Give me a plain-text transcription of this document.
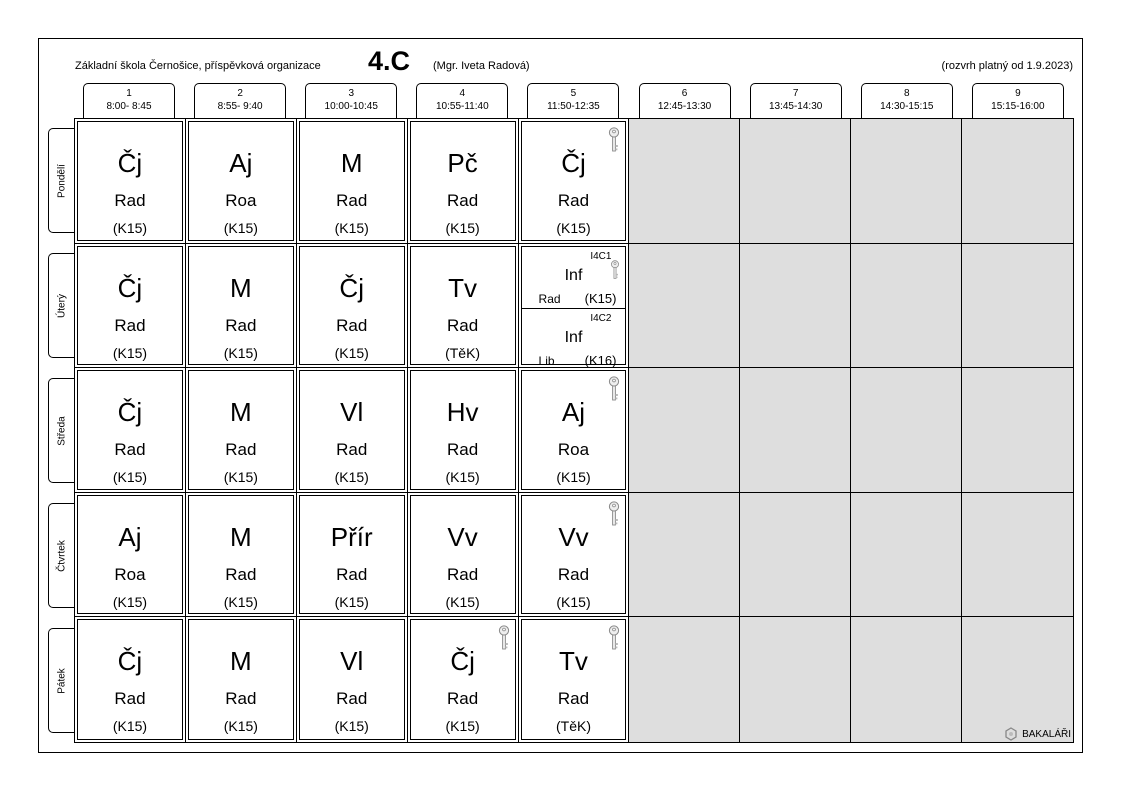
Základní škola Černošice, příspěvková organizace 4.C (Mgr. Iveta Radová)	(rozvrh platný od 1.9.2023)
1
8:00- 8:45
2
8:55- 9:40
3
10:00-10:45
4
10:55-11:40
5
11:50-12:35
6
12:45-13:30
7
13:45-14:30
8
14:30-15:15
9
15:15-16:00
Pondělí
Úterý
Středa
Čtvrtek
Pátek
Čj
Rad
(K15)
Aj
Roa
(K15)
M
Rad
(K15)
Pč
Rad
(K15)
Čj
Rad
(K15)
Čj
Rad
(K15)
M
Rad
(K15)
Čj
Rad
(K15)
Tv
Rad
(TěK)
I4C1
Inf
Rad (K15)
I4C2
Inf
Lib (K16)
Čj
Rad
(K15)
M
Rad
(K15)
Vl
Rad
(K15)
Hv
Rad
(K15)
Aj
Roa
(K15)
Aj
Roa
(K15)
M
Rad
(K15)
Přír
Rad
(K15)
Vv
Rad
(K15)
Vv
Rad
(K15)
Čj
Rad
(K15)
M
Rad
(K15)
Vl
Rad
(K15)
Čj
Rad
(K15)
Tv
Rad
(TěK)	BAKALÁŘI
